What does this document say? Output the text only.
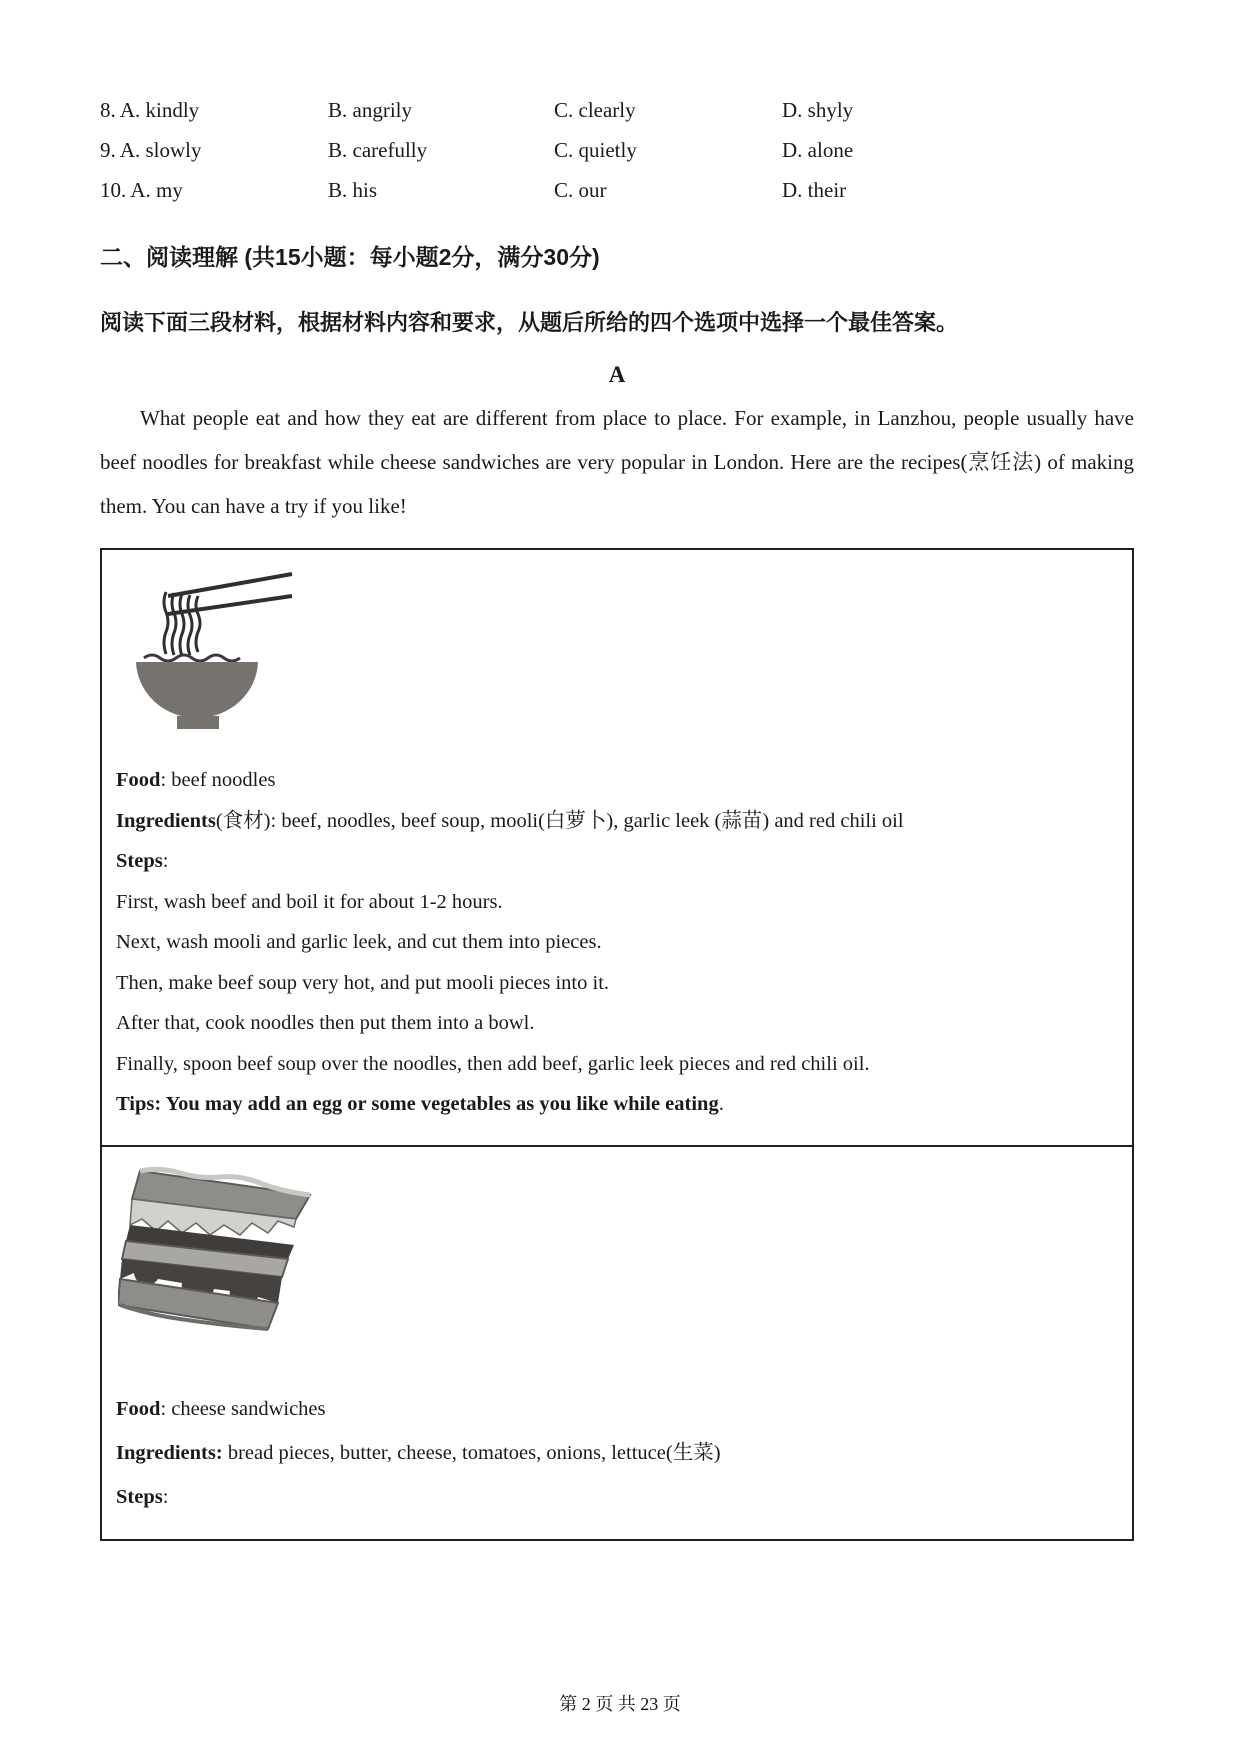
8. A. kindly	B. angrily	C. clearly	D. shyly
9. A. slowly	B. carefully	C. quietly	D. alone
10. A. my	B. his	C. our	D. their
二、阅读理解 (共15小题：每小题2分，满分30分)
阅读下面三段材料，根据材料内容和要求，从题后所给的四个选项中选择一个最佳答案。
A
What people eat and how they eat are different from place to place. For example, in Lanzhou, people usually have beef noodles for breakfast while cheese sandwiches are very popular in London. Here are the recipes(烹饪法) of making them. You can have a try if you like!

Food: beef noodles

Ingredients(食材): beef, noodles, beef soup, mooli(白萝卜), garlic leek (蒜苗) and red chili oil

Steps:

First, wash beef and boil it for about 1-2 hours.

Next, wash mooli and garlic leek, and cut them into pieces.

Then, make beef soup very hot, and put mooli pieces into it.

After that, cook noodles then put them into a bowl.

Finally, spoon beef soup over the noodles, then add beef, garlic leek pieces and red chili oil.

Tips: You may add an egg or some vegetables as you like while eating.

Food: cheese sandwiches

Ingredients: bread pieces, butter, cheese, tomatoes, onions, lettuce(生菜)

Steps:

第 2 页 共 23 页
